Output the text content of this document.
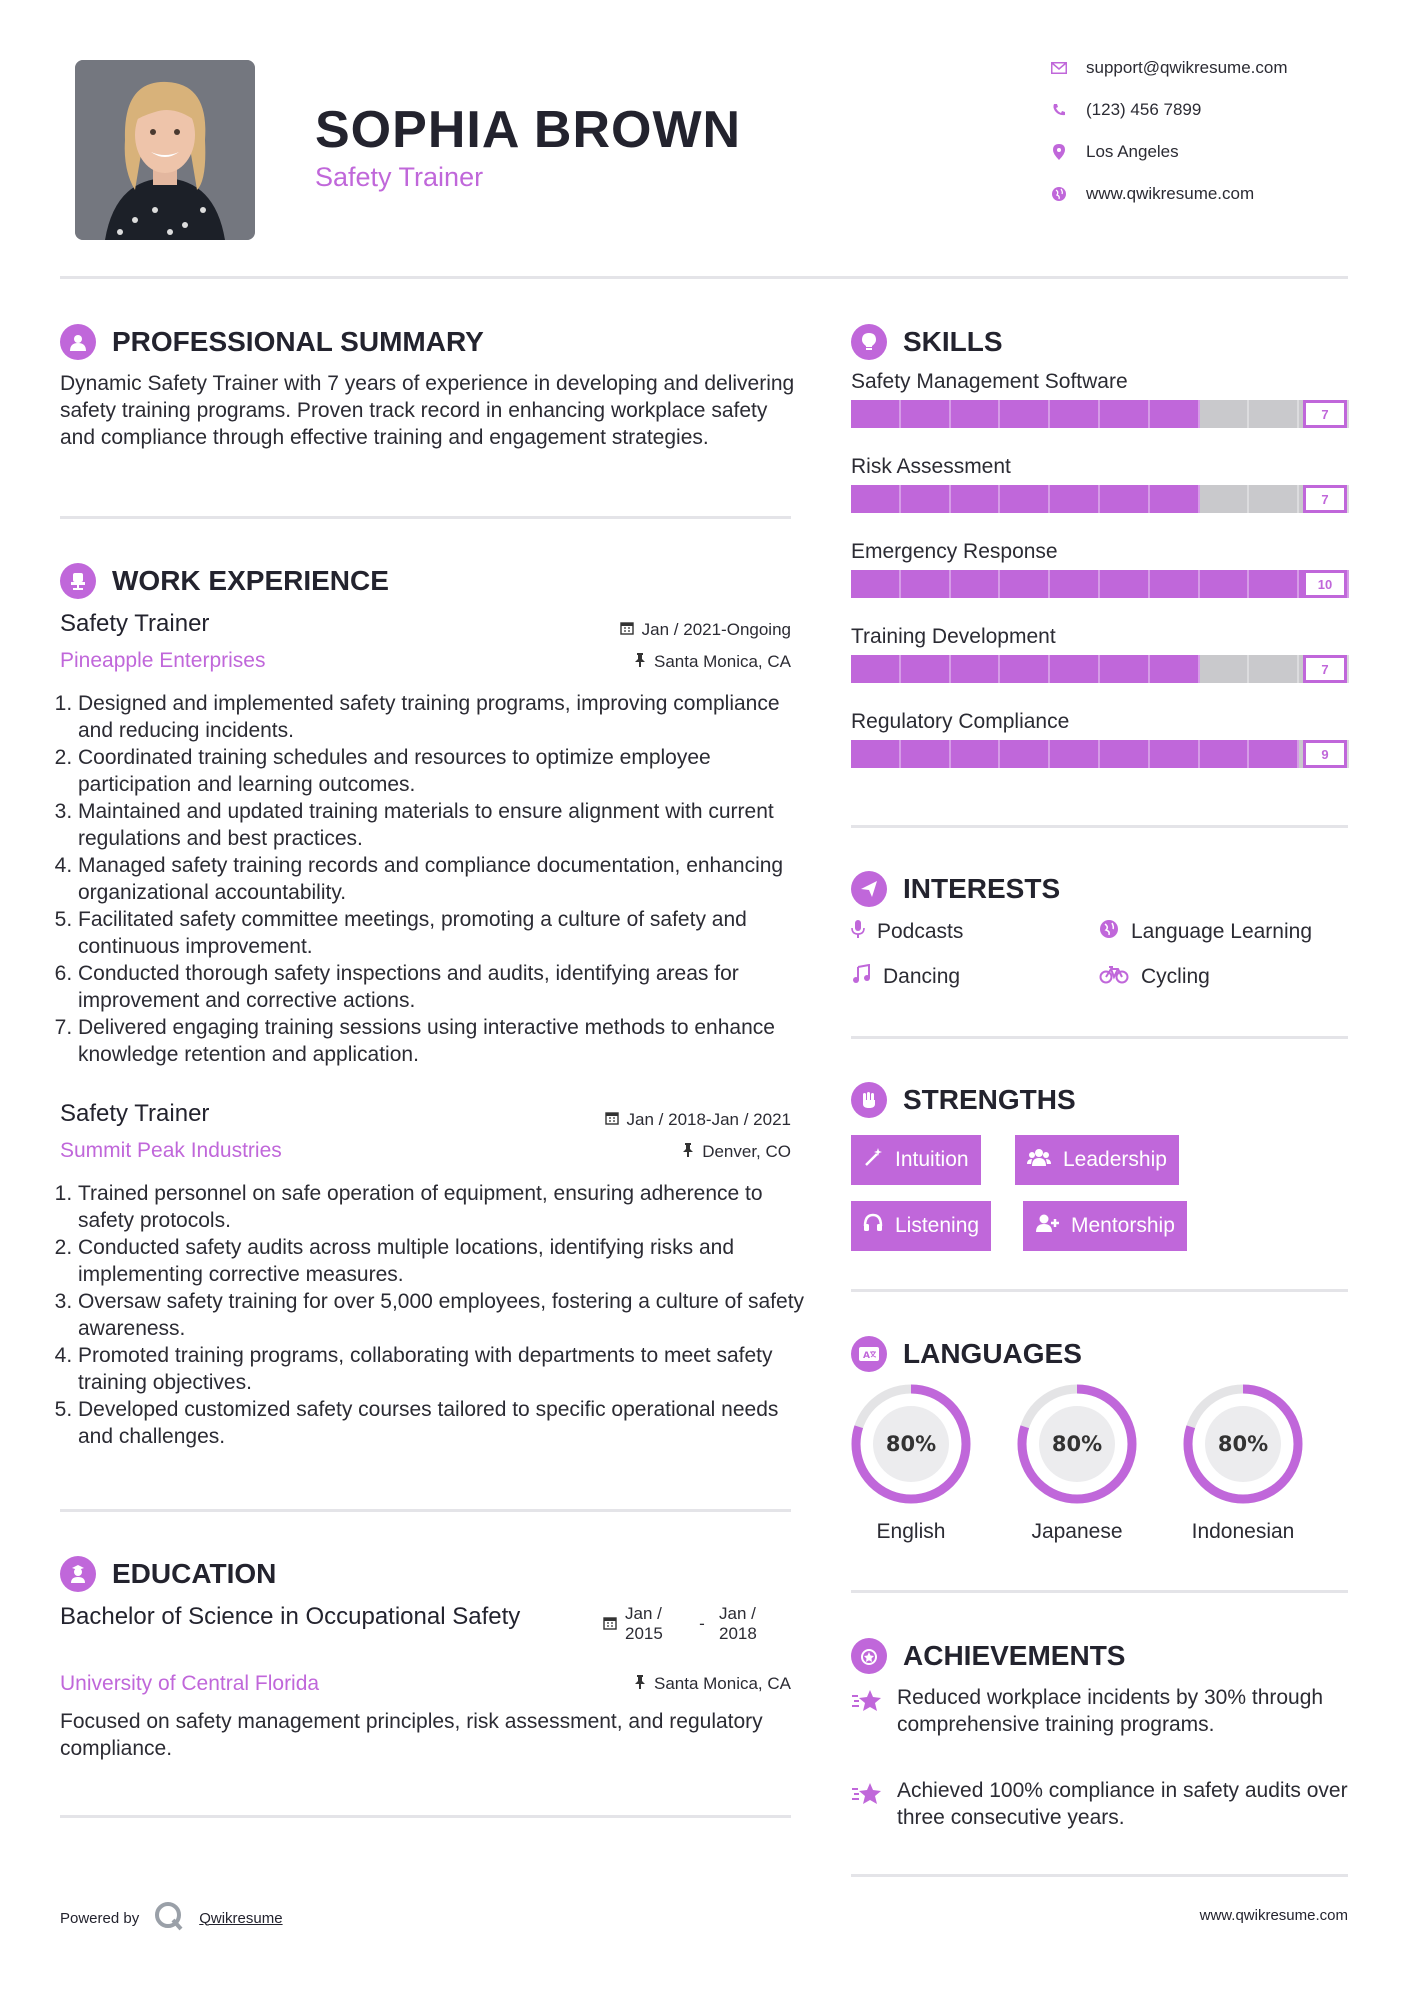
SOPHIA BROWN
Safety Trainer
support@qwikresume.com
(123) 456 7899
Los Angeles
www.qwikresume.com
PROFESSIONAL SUMMARY
Dynamic Safety Trainer with 7 years of experience in developing and delivering safety training programs. Proven track record in enhancing workplace safety and compliance through effective training and engagement strategies.
WORK EXPERIENCE
Safety Trainer	Jan / 2021-Ongoing
Pineapple Enterprises	Santa Monica, CA
1. Designed and implemented safety training programs, improving compliance and reducing incidents.
2. Coordinated training schedules and resources to optimize employee participation and learning outcomes.
3. Maintained and updated training materials to ensure alignment with current regulations and best practices.
4. Managed safety training records and compliance documentation, enhancing organizational accountability.
5. Facilitated safety committee meetings, promoting a culture of safety and continuous improvement.
6. Conducted thorough safety inspections and audits, identifying areas for improvement and corrective actions.
7. Delivered engaging training sessions using interactive methods to enhance knowledge retention and application.
Safety Trainer	Jan / 2018-Jan / 2021
Summit Peak Industries	Denver, CO
1. Trained personnel on safe operation of equipment, ensuring adherence to safety protocols.
2. Conducted safety audits across multiple locations, identifying risks and implementing corrective measures.
3. Oversaw safety training for over 5,000 employees, fostering a culture of safety awareness.
4. Promoted training programs, collaborating with departments to meet safety training objectives.
5. Developed customized safety courses tailored to specific operational needs and challenges.
EDUCATION
Bachelor of Science in Occupational Safety	Jan / 2015
-
Jan / 2018
University of Central Florida	Santa Monica, CA
Focused on safety management principles, risk assessment, and regulatory compliance.
SKILLS
Safety Management Software
7
Risk Assessment
7
Emergency Response
10
Training Development
7
Regulatory Compliance
9
INTERESTS
Podcasts	Language Learning
Dancing	Cycling
STRENGTHS
Intuition	Leadership
Listening	Mentorship
A LANGUAGES
80%
English
80%
Japanese
80%
Indonesian
ACHIEVEMENTS
Reduced workplace incidents by 30% through comprehensive training programs.
Achieved 100% compliance in safety audits over three consecutive years.
Powered by	Qwikresume	www.qwikresume.com
